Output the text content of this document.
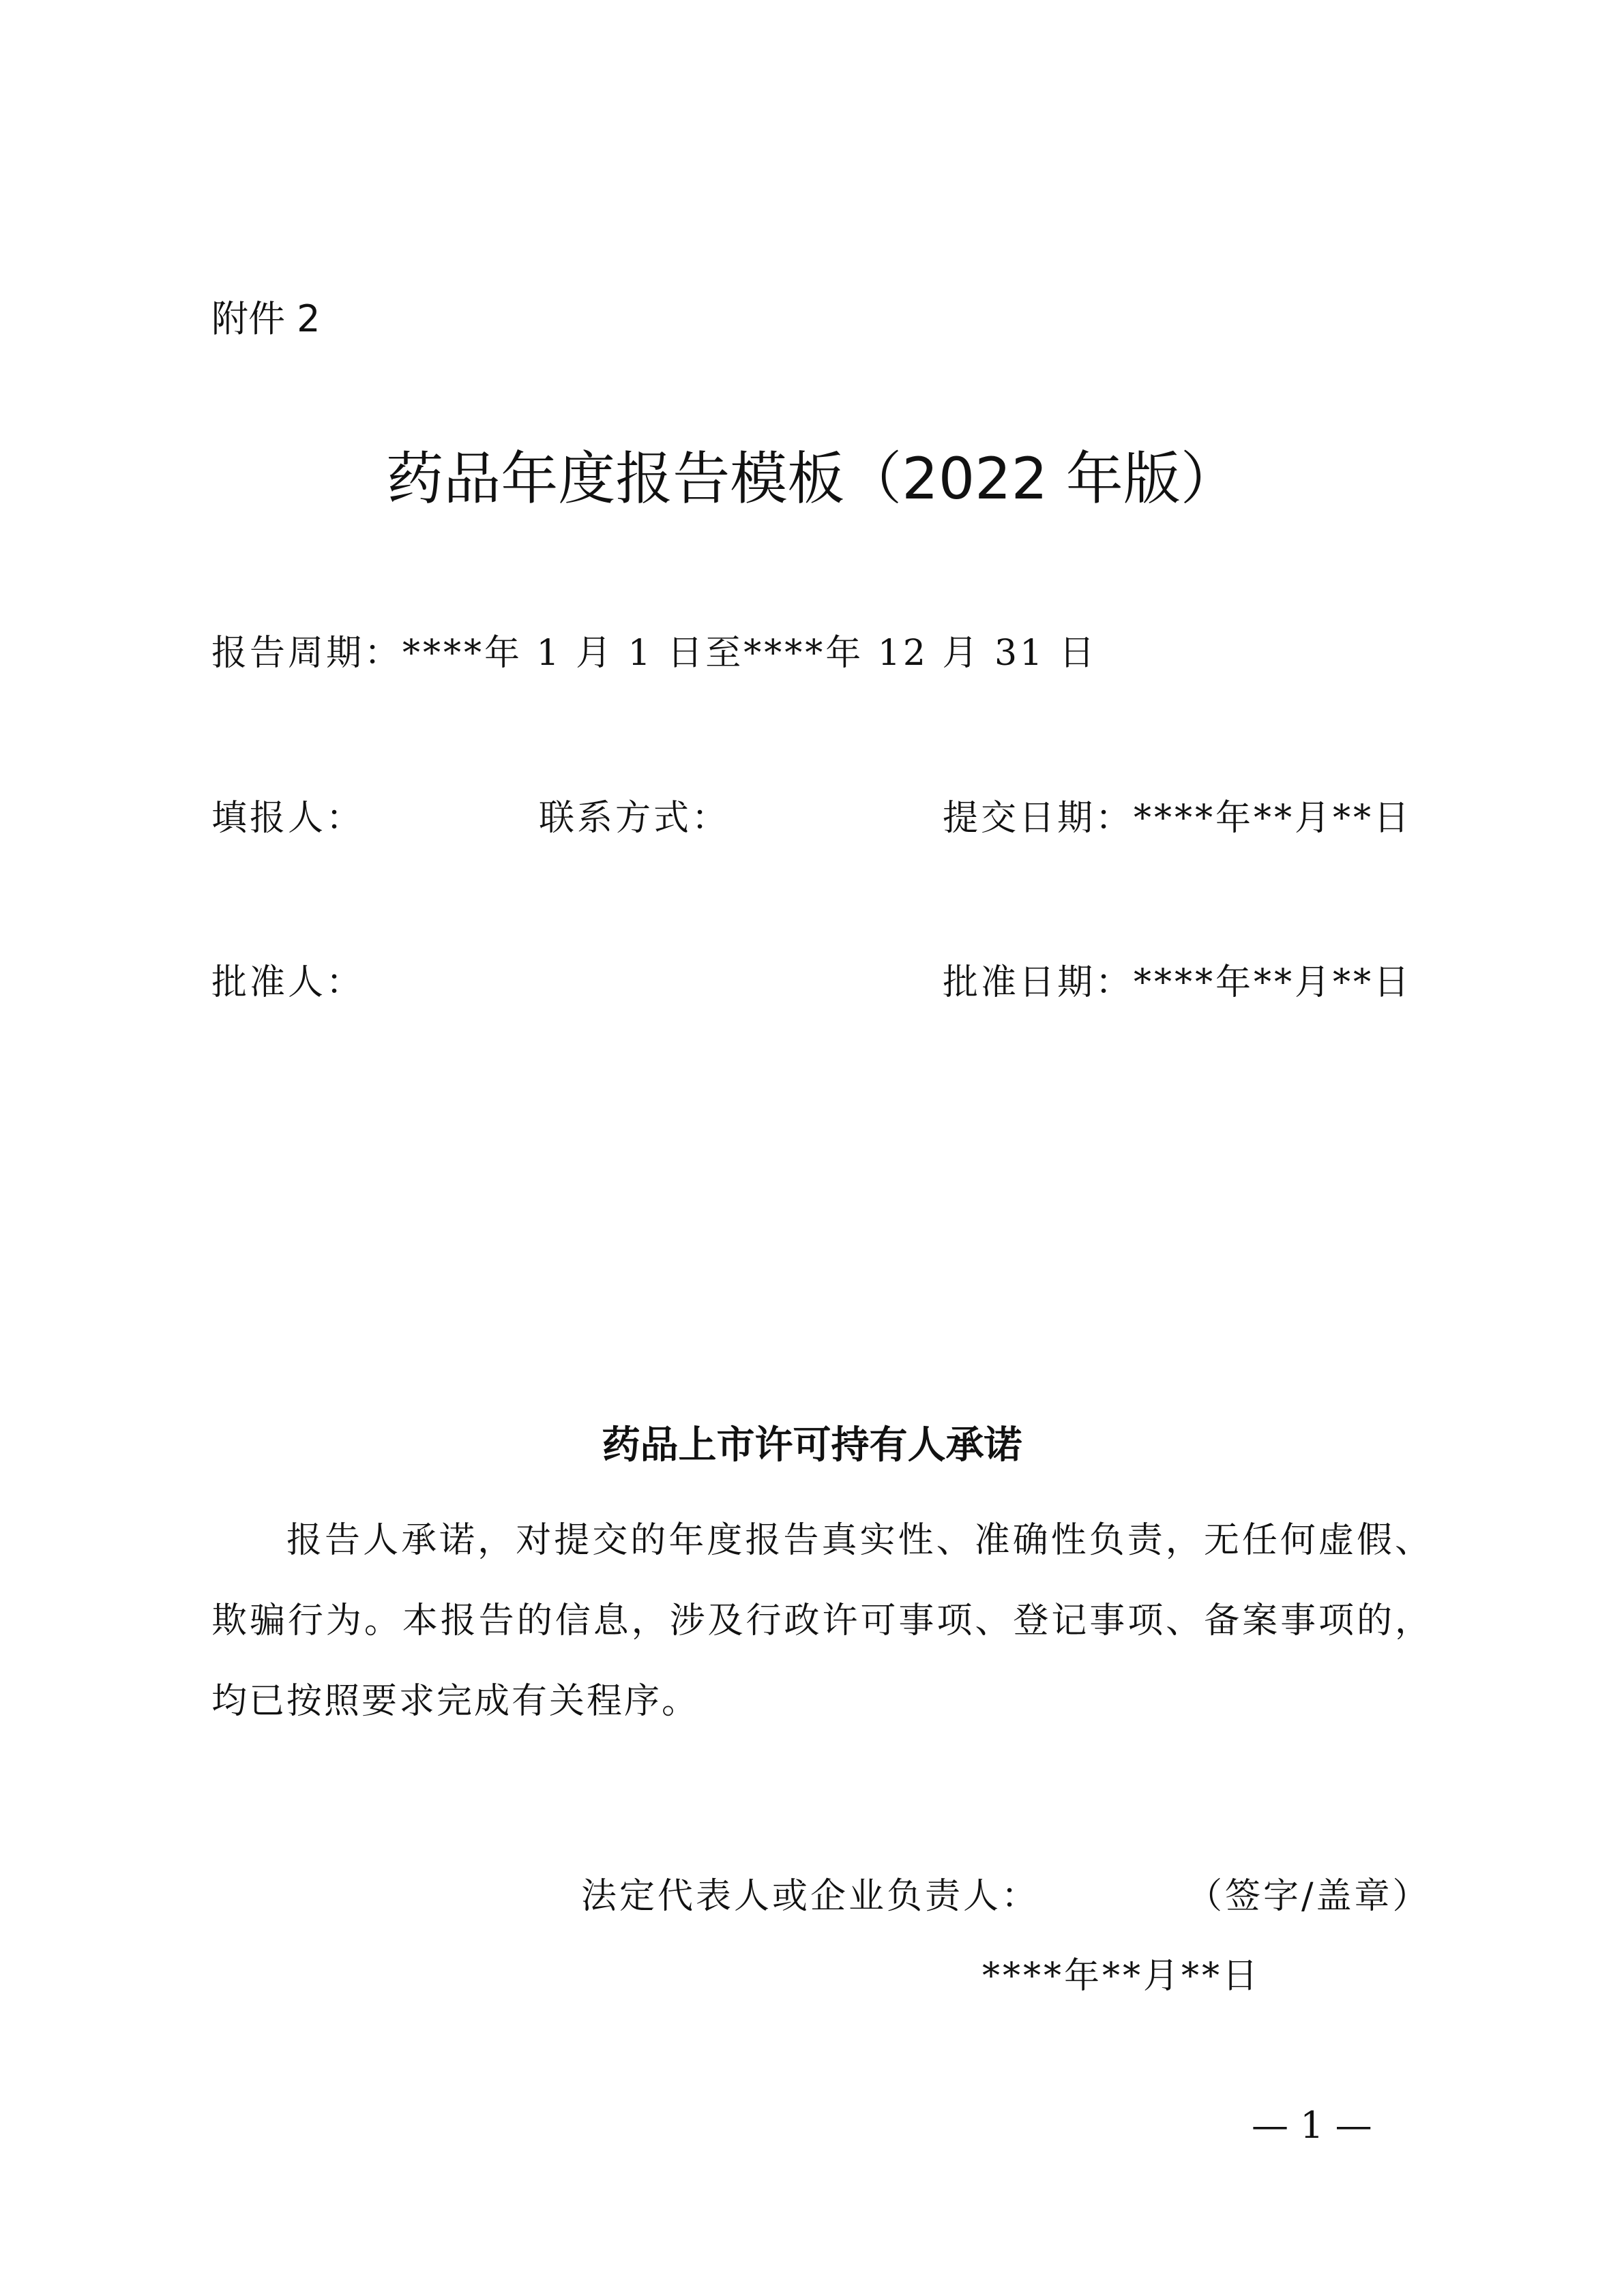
附件 2
药品年度报告模板（2022 年版）
报告周期：****年 1 月 1 日至****年 12 月 31 日
填报人：	联系方式：	提交日期：****年**月**日
批准人：	批准日期：****年**月**日
药品上市许可持有人承诺
报告人承诺，对提交的年度报告真实性、准确性负责，无任何虚假、欺骗行为。本报告的信息，涉及行政许可事项、登记事项、备案事项的，均已按照要求完成有关程序。
法定代表人或企业负责人：	（签字/盖章）
****年**月**日
— 1 —
